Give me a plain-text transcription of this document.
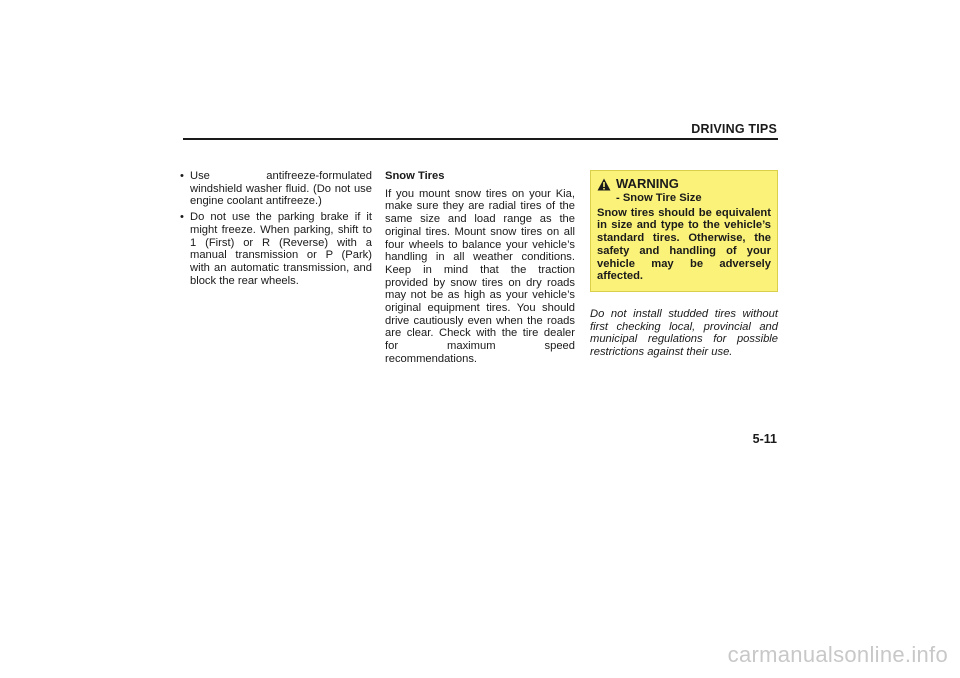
DRIVING TIPS
• Use antifreeze-formulated windshield washer fluid. (Do not use engine coolant antifreeze.)
• Do not use the parking brake if it might freeze. When parking, shift to 1 (First) or R (Reverse) with a manual transmission or P (Park) with an automatic transmission, and block the rear wheels.

Snow Tires

If you mount snow tires on your Kia, make sure they are radial tires of the same size and load range as the original tires. Mount snow tires on all four wheels to balance your vehicle’s handling in all weather conditions. Keep in mind that the traction provided by snow tires on dry roads may not be as high as your vehicle’s original equipment tires. You should drive cautiously even when the roads are clear. Check with the tire dealer for maximum speed recommendations.

WARNING
- Snow Tire Size

Snow tires should be equivalent in size and type to the vehicle’s standard tires. Otherwise, the safety and handling of your vehicle may be adversely affected.

Do not install studded tires without first checking local, provincial and municipal regulations for possible restrictions against their use.

5-11
carmanualsonline.info
